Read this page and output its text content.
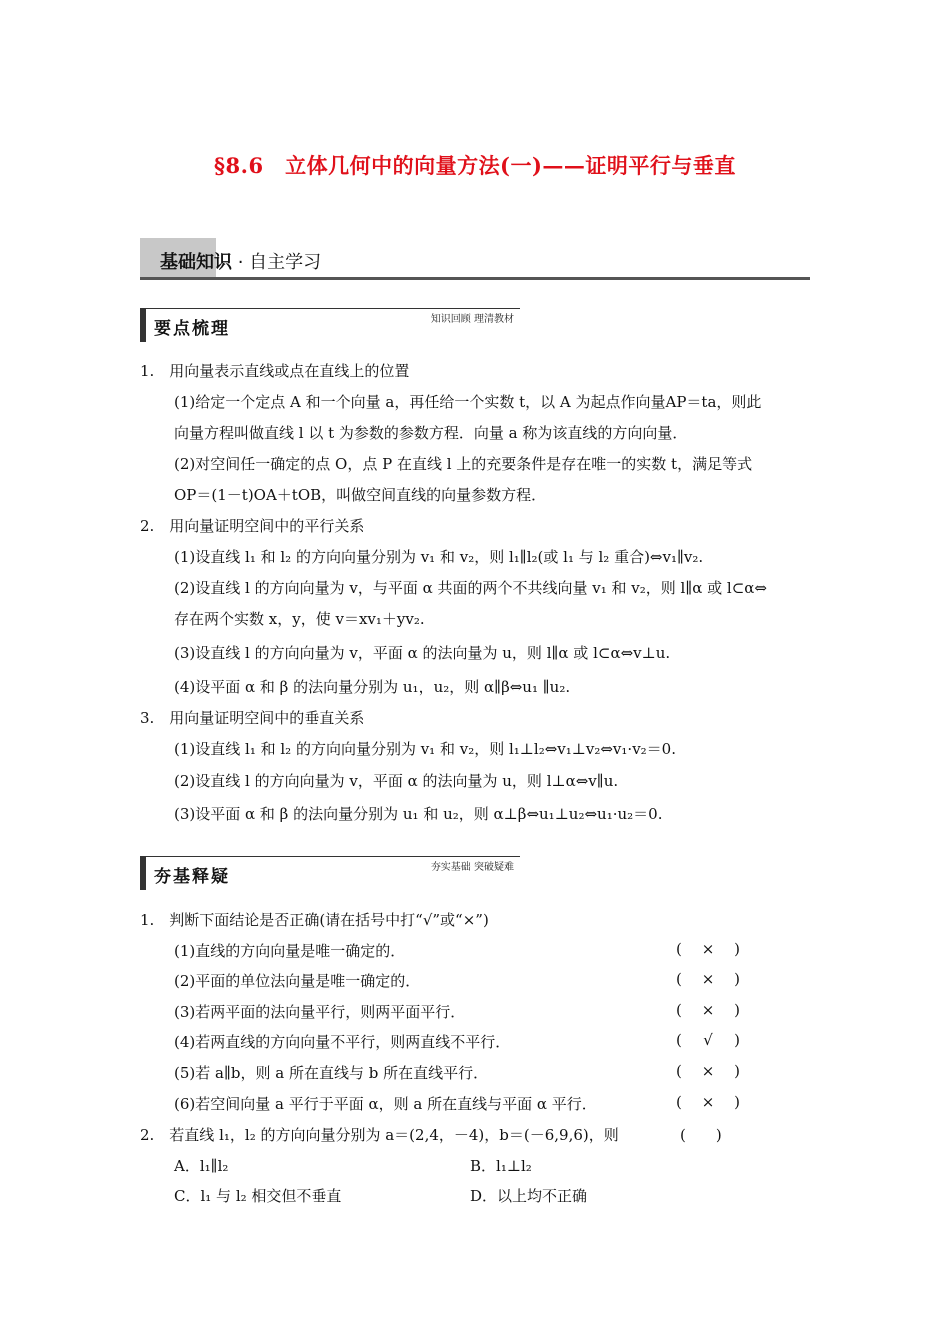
§8.6　立体几何中的向量方法(一)——证明平行与垂直
基础知识 · 自主学习
要点梳理	知识回顾 理清教材
1.　用向量表示直线或点在直线上的位置
(1)给定一个定点 A 和一个向量 a，再任给一个实数 t，以 A 为起点作向量AP＝ta，则此
向量方程叫做直线 l 以 t 为参数的参数方程．向量 a 称为该直线的方向向量．
(2)对空间任一确定的点 O，点 P 在直线 l 上的充要条件是存在唯一的实数 t，满足等式
OP＝(1－t)OA＋tOB，叫做空间直线的向量参数方程．
2.　用向量证明空间中的平行关系
(1)设直线 l₁ 和 l₂ 的方向向量分别为 v₁ 和 v₂，则 l₁∥l₂(或 l₁ 与 l₂ 重合)⇔v₁∥v₂.
(2)设直线 l 的方向向量为 v，与平面 α 共面的两个不共线向量 v₁ 和 v₂，则 l∥α 或 l⊂α⇔
存在两个实数 x，y，使 v＝xv₁＋yv₂.
(3)设直线 l 的方向向量为 v，平面 α 的法向量为 u，则 l∥α 或 l⊂α⇔v⊥u.
(4)设平面 α 和 β 的法向量分别为 u₁，u₂，则 α∥β⇔u₁ ∥u₂.
3.　用向量证明空间中的垂直关系
(1)设直线 l₁ 和 l₂ 的方向向量分别为 v₁ 和 v₂，则 l₁⊥l₂⇔v₁⊥v₂⇔v₁·v₂＝0.
(2)设直线 l 的方向向量为 v，平面 α 的法向量为 u，则 l⊥α⇔v∥u.
(3)设平面 α 和 β 的法向量分别为 u₁ 和 u₂，则 α⊥β⇔u₁⊥u₂⇔u₁·u₂＝0.
夯基释疑	夯实基础 突破疑难
1.　判断下面结论是否正确(请在括号中打“√”或“×”)
(1)直线的方向向量是唯一确定的．	( × )
(2)平面的单位法向量是唯一确定的．	( × )
(3)若两平面的法向量平行，则两平面平行．	( × )
(4)若两直线的方向向量不平行，则两直线不平行．	( √ )
(5)若 a∥b，则 a 所在直线与 b 所在直线平行．	( × )
(6)若空间向量 a 平行于平面 α，则 a 所在直线与平面 α 平行．	( × )
2.　若直线 l₁，l₂ 的方向向量分别为 a＝(2,4，－4)，b＝(－6,9,6)，则	(　　)
A．l₁∥l₂	B．l₁⊥l₂
C．l₁ 与 l₂ 相交但不垂直	D．以上均不正确
